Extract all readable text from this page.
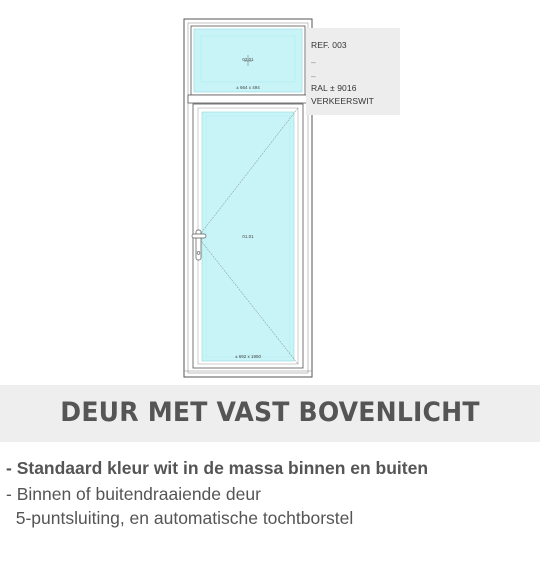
02.01
± 664 x 494
01.01
± 692 x 1950
REF. 003
–
–
RAL ± 9016
VERKEERSWIT
DEUR MET VAST BOVENLICHT
- Standaard kleur wit in de massa binnen en buiten
- Binnen of buitendraaiende deur
5-puntsluiting, en automatische tochtborstel
